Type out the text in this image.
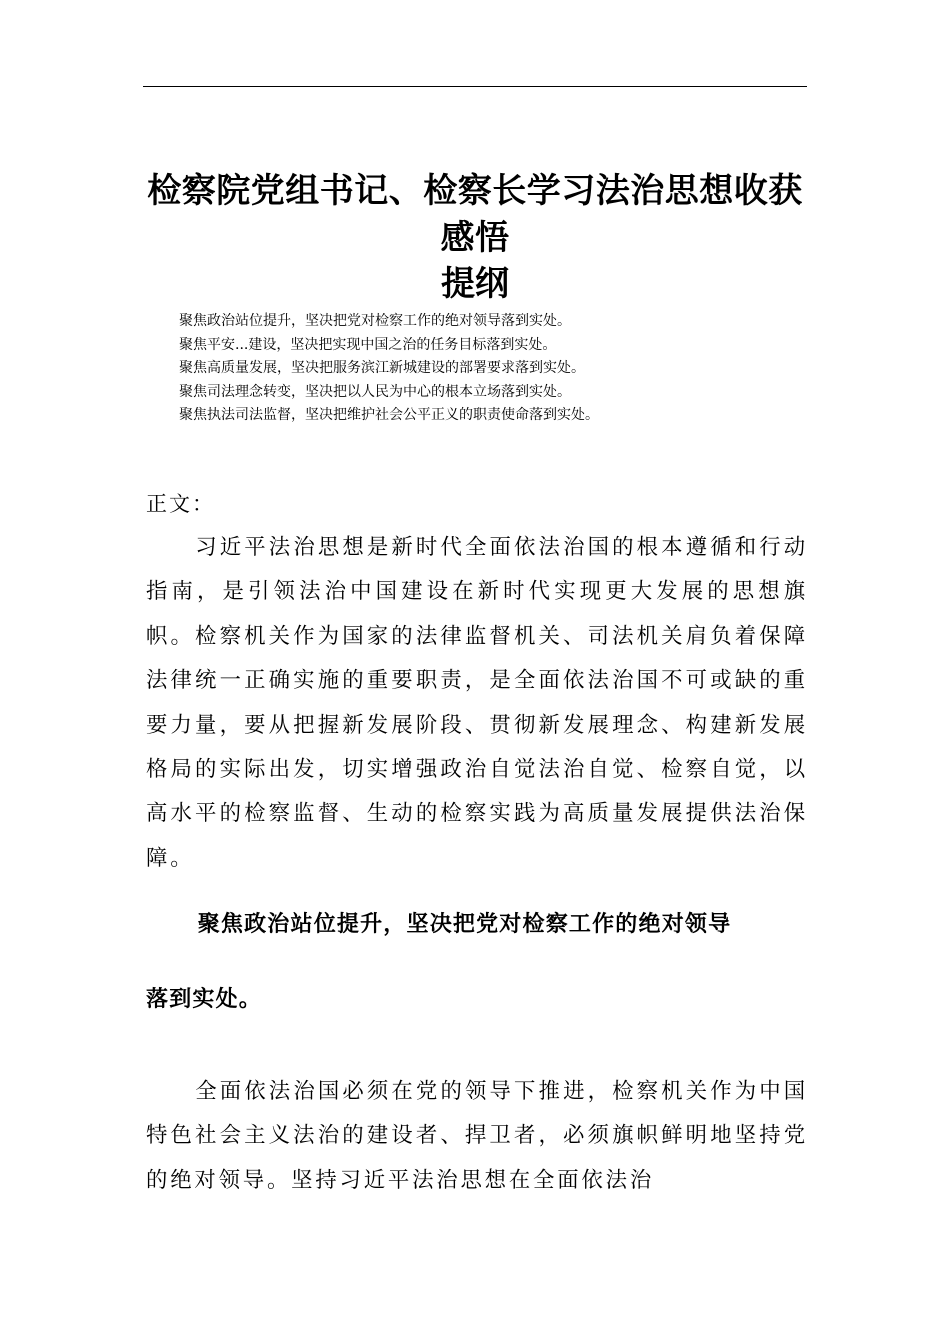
检察院党组书记、检察长学习法治思想收获感悟
提纲
聚焦政治站位提升，坚决把党对检察工作的绝对领导落到实处。
聚焦平安...建设，坚决把实现中国之治的任务目标落到实处。
聚焦高质量发展，坚决把服务滨江新城建设的部署要求落到实处。
聚焦司法理念转变，坚决把以人民为中心的根本立场落到实处。
聚焦执法司法监督，坚决把维护社会公平正义的职责使命落到实处。

正文：

习近平法治思想是新时代全面依法治国的根本遵循和行动指南，是引领法治中国建设在新时代实现更大发展的思想旗帜。检察机关作为国家的法律监督机关、司法机关肩负着保障法律统一正确实施的重要职责，是全面依法治国不可或缺的重要力量，要从把握新发展阶段、贯彻新发展理念、构建新发展格局的实际出发，切实增强政治自觉法治自觉、检察自觉，以高水平的检察监督、生动的检察实践为高质量发展提供法治保障。

聚焦政治站位提升，坚决把党对检察工作的绝对领导

落到实处。

全面依法治国必须在党的领导下推进，检察机关作为中国特色社会主义法治的建设者、捍卫者，必须旗帜鲜明地坚持党的绝对领导。坚持习近平法治思想在全面依法治
